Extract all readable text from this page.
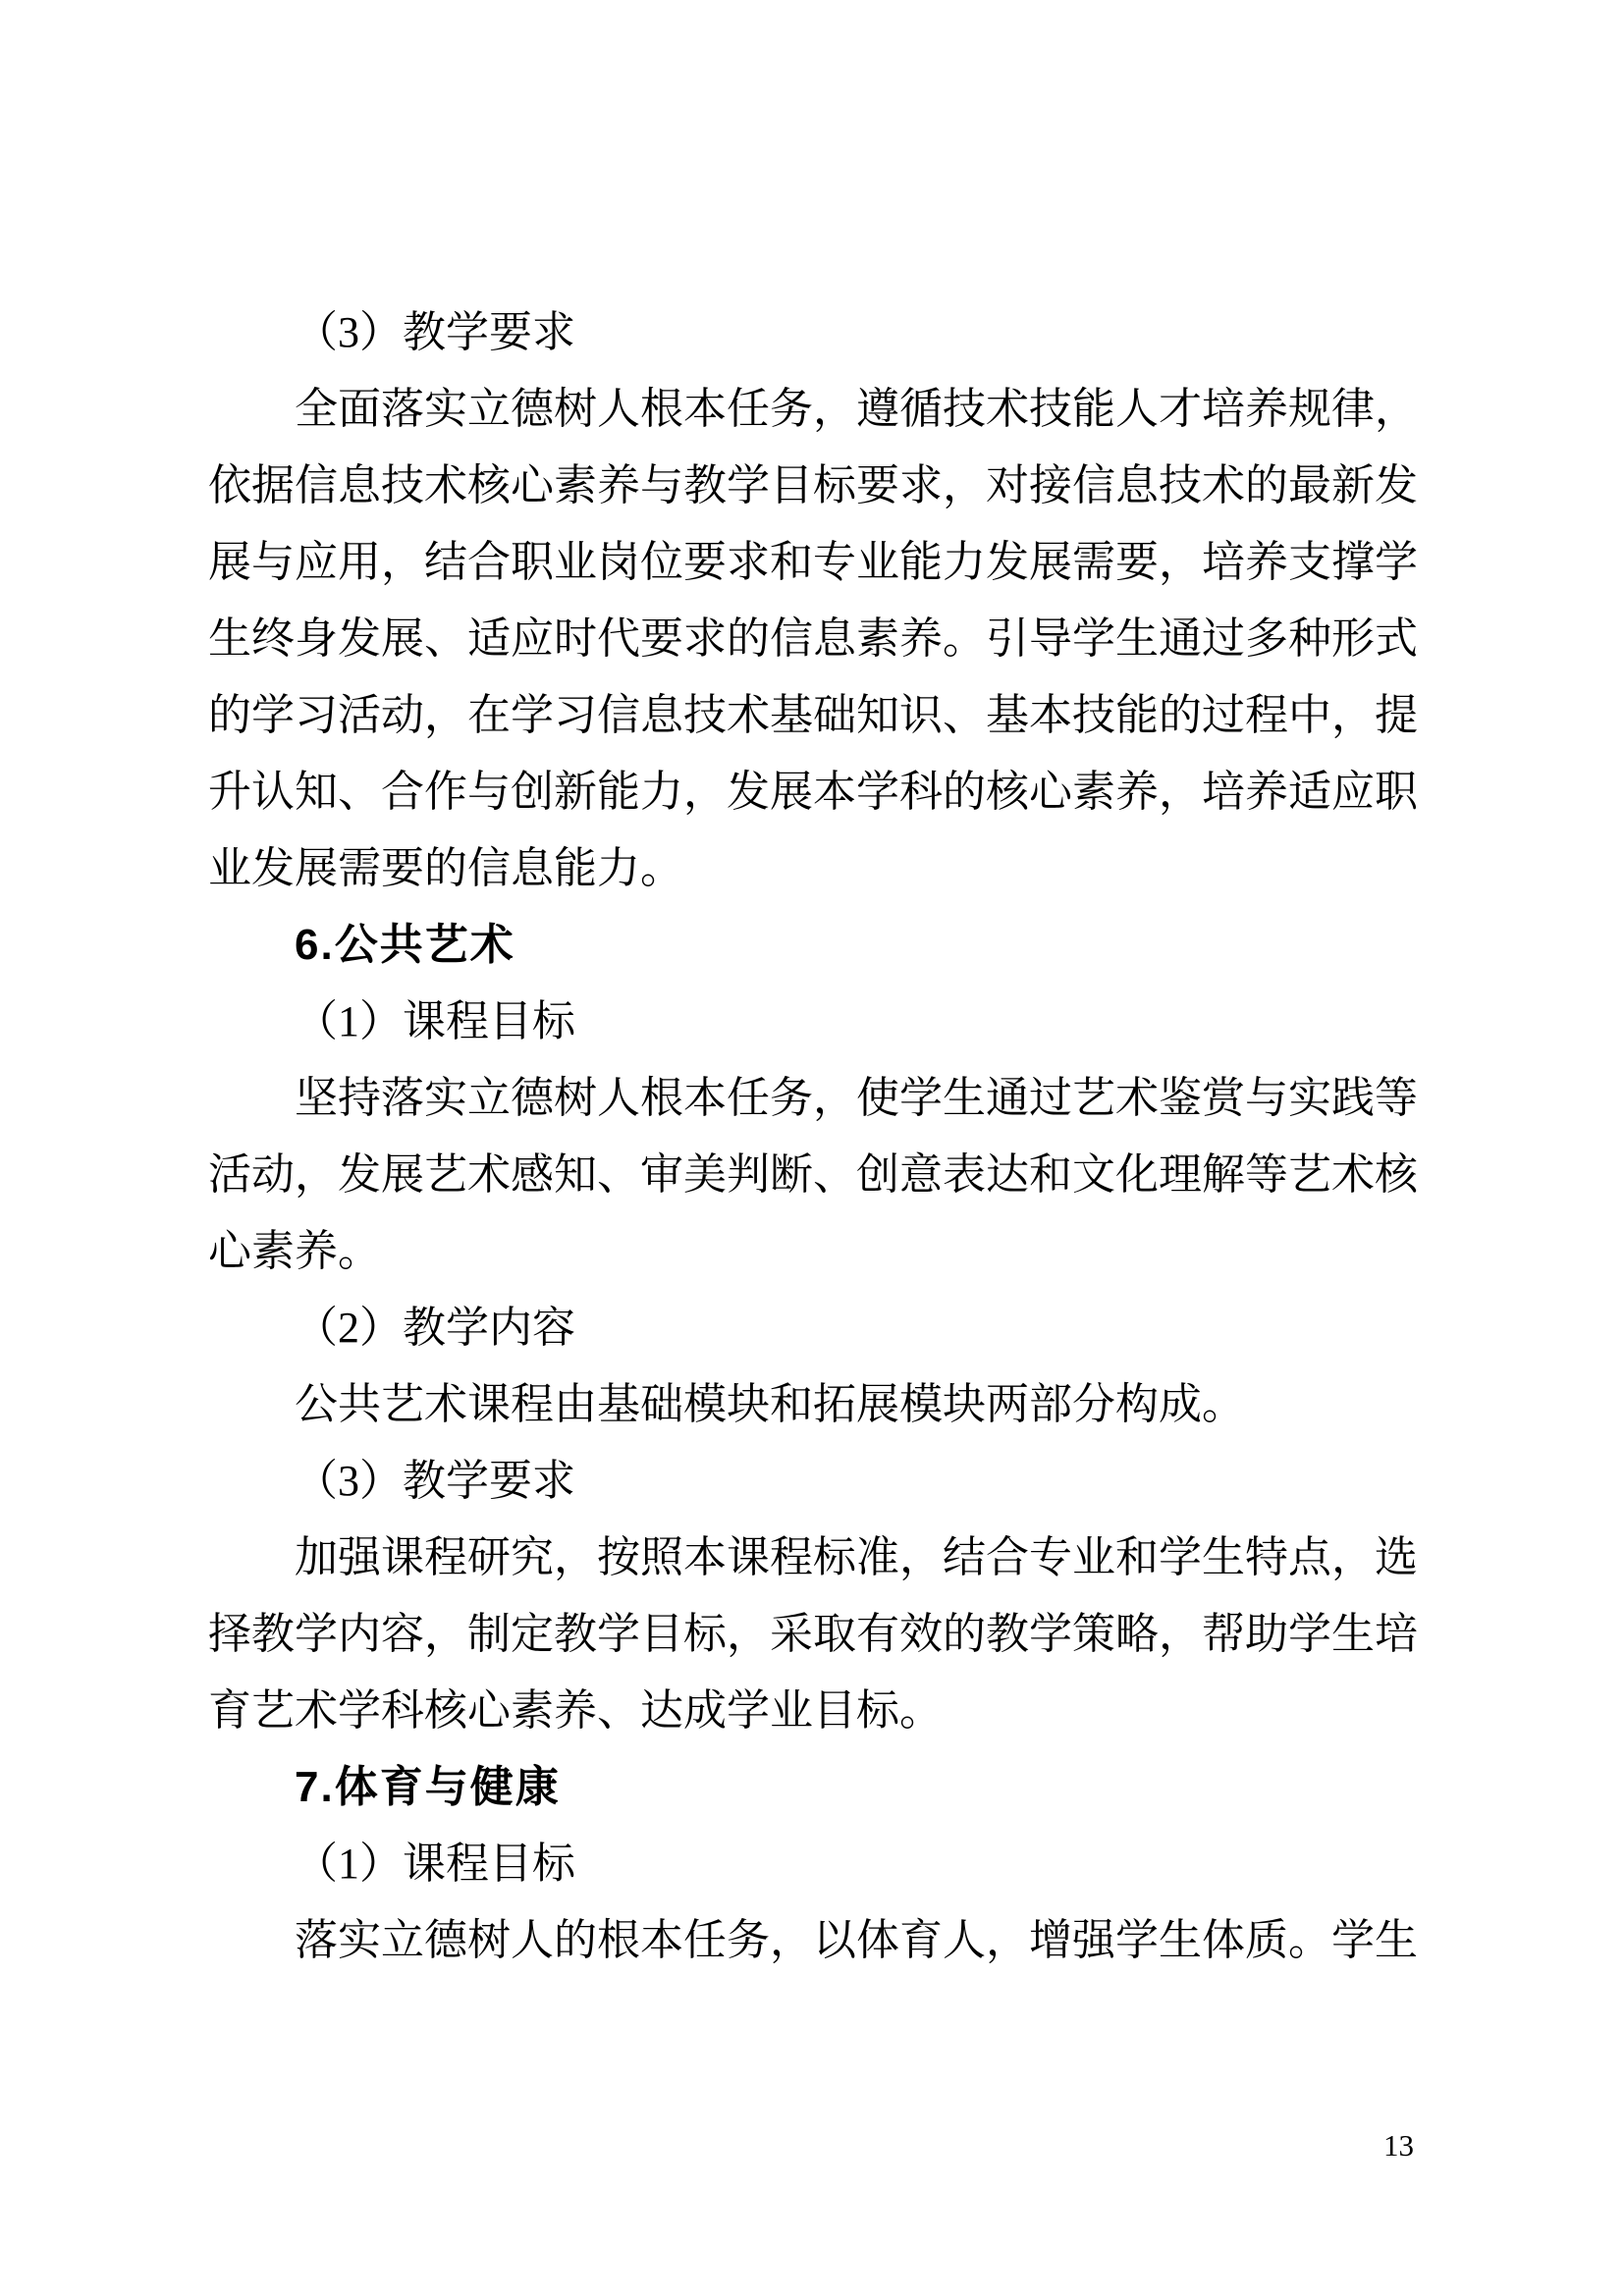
（3）教学要求
全 面 落 实 立 德 树 人 根 本 任 务 ， 遵 循 技 术 技 能 人 才 培 养 规 律 ，
依 据 信 息 技 术 核 心 素 养 与 教 学 目 标 要 求 ， 对 接 信 息 技 术 的 最 新 发
展 与 应 用 ， 结 合 职 业 岗 位 要 求 和 专 业 能 力 发 展 需 要 ， 培 养 支 撑 学
生 终 身 发 展 、 适 应 时 代 要 求 的 信 息 素 养 。 引 导 学 生 通 过 多 种 形 式
的 学 习 活 动 ， 在 学 习 信 息 技 术 基 础 知 识 、 基 本 技 能 的 过 程 中 ， 提
升 认 知 、 合 作 与 创 新 能 力 ， 发 展 本 学 科 的 核 心 素 养 ， 培 养 适 应 职
业发展需要的信息能力。
6.公共艺术
（1）课程目标
坚 持 落 实 立 德 树 人 根 本 任 务 ， 使 学 生 通 过 艺 术 鉴 赏 与 实 践 等
活 动 ， 发 展 艺 术 感 知 、 审 美 判 断 、 创 意 表 达 和 文 化 理 解 等 艺 术 核
心素养。
（2）教学内容
公共艺术课程由基础模块和拓展模块两部分构成。
（3）教学要求
加 强 课 程 研 究 ， 按 照 本 课 程 标 准 ， 结 合 专 业 和 学 生 特 点 ， 选
择 教 学 内 容 ， 制 定 教 学 目 标 ， 采 取 有 效 的 教 学 策 略 ， 帮 助 学 生 培
育艺术学科核心素养、达成学业目标。
7.体育与健康
（1）课程目标
落 实 立 德 树 人 的 根 本 任 务 ， 以 体 育 人 ， 增 强 学 生 体 质 。 学 生
13
